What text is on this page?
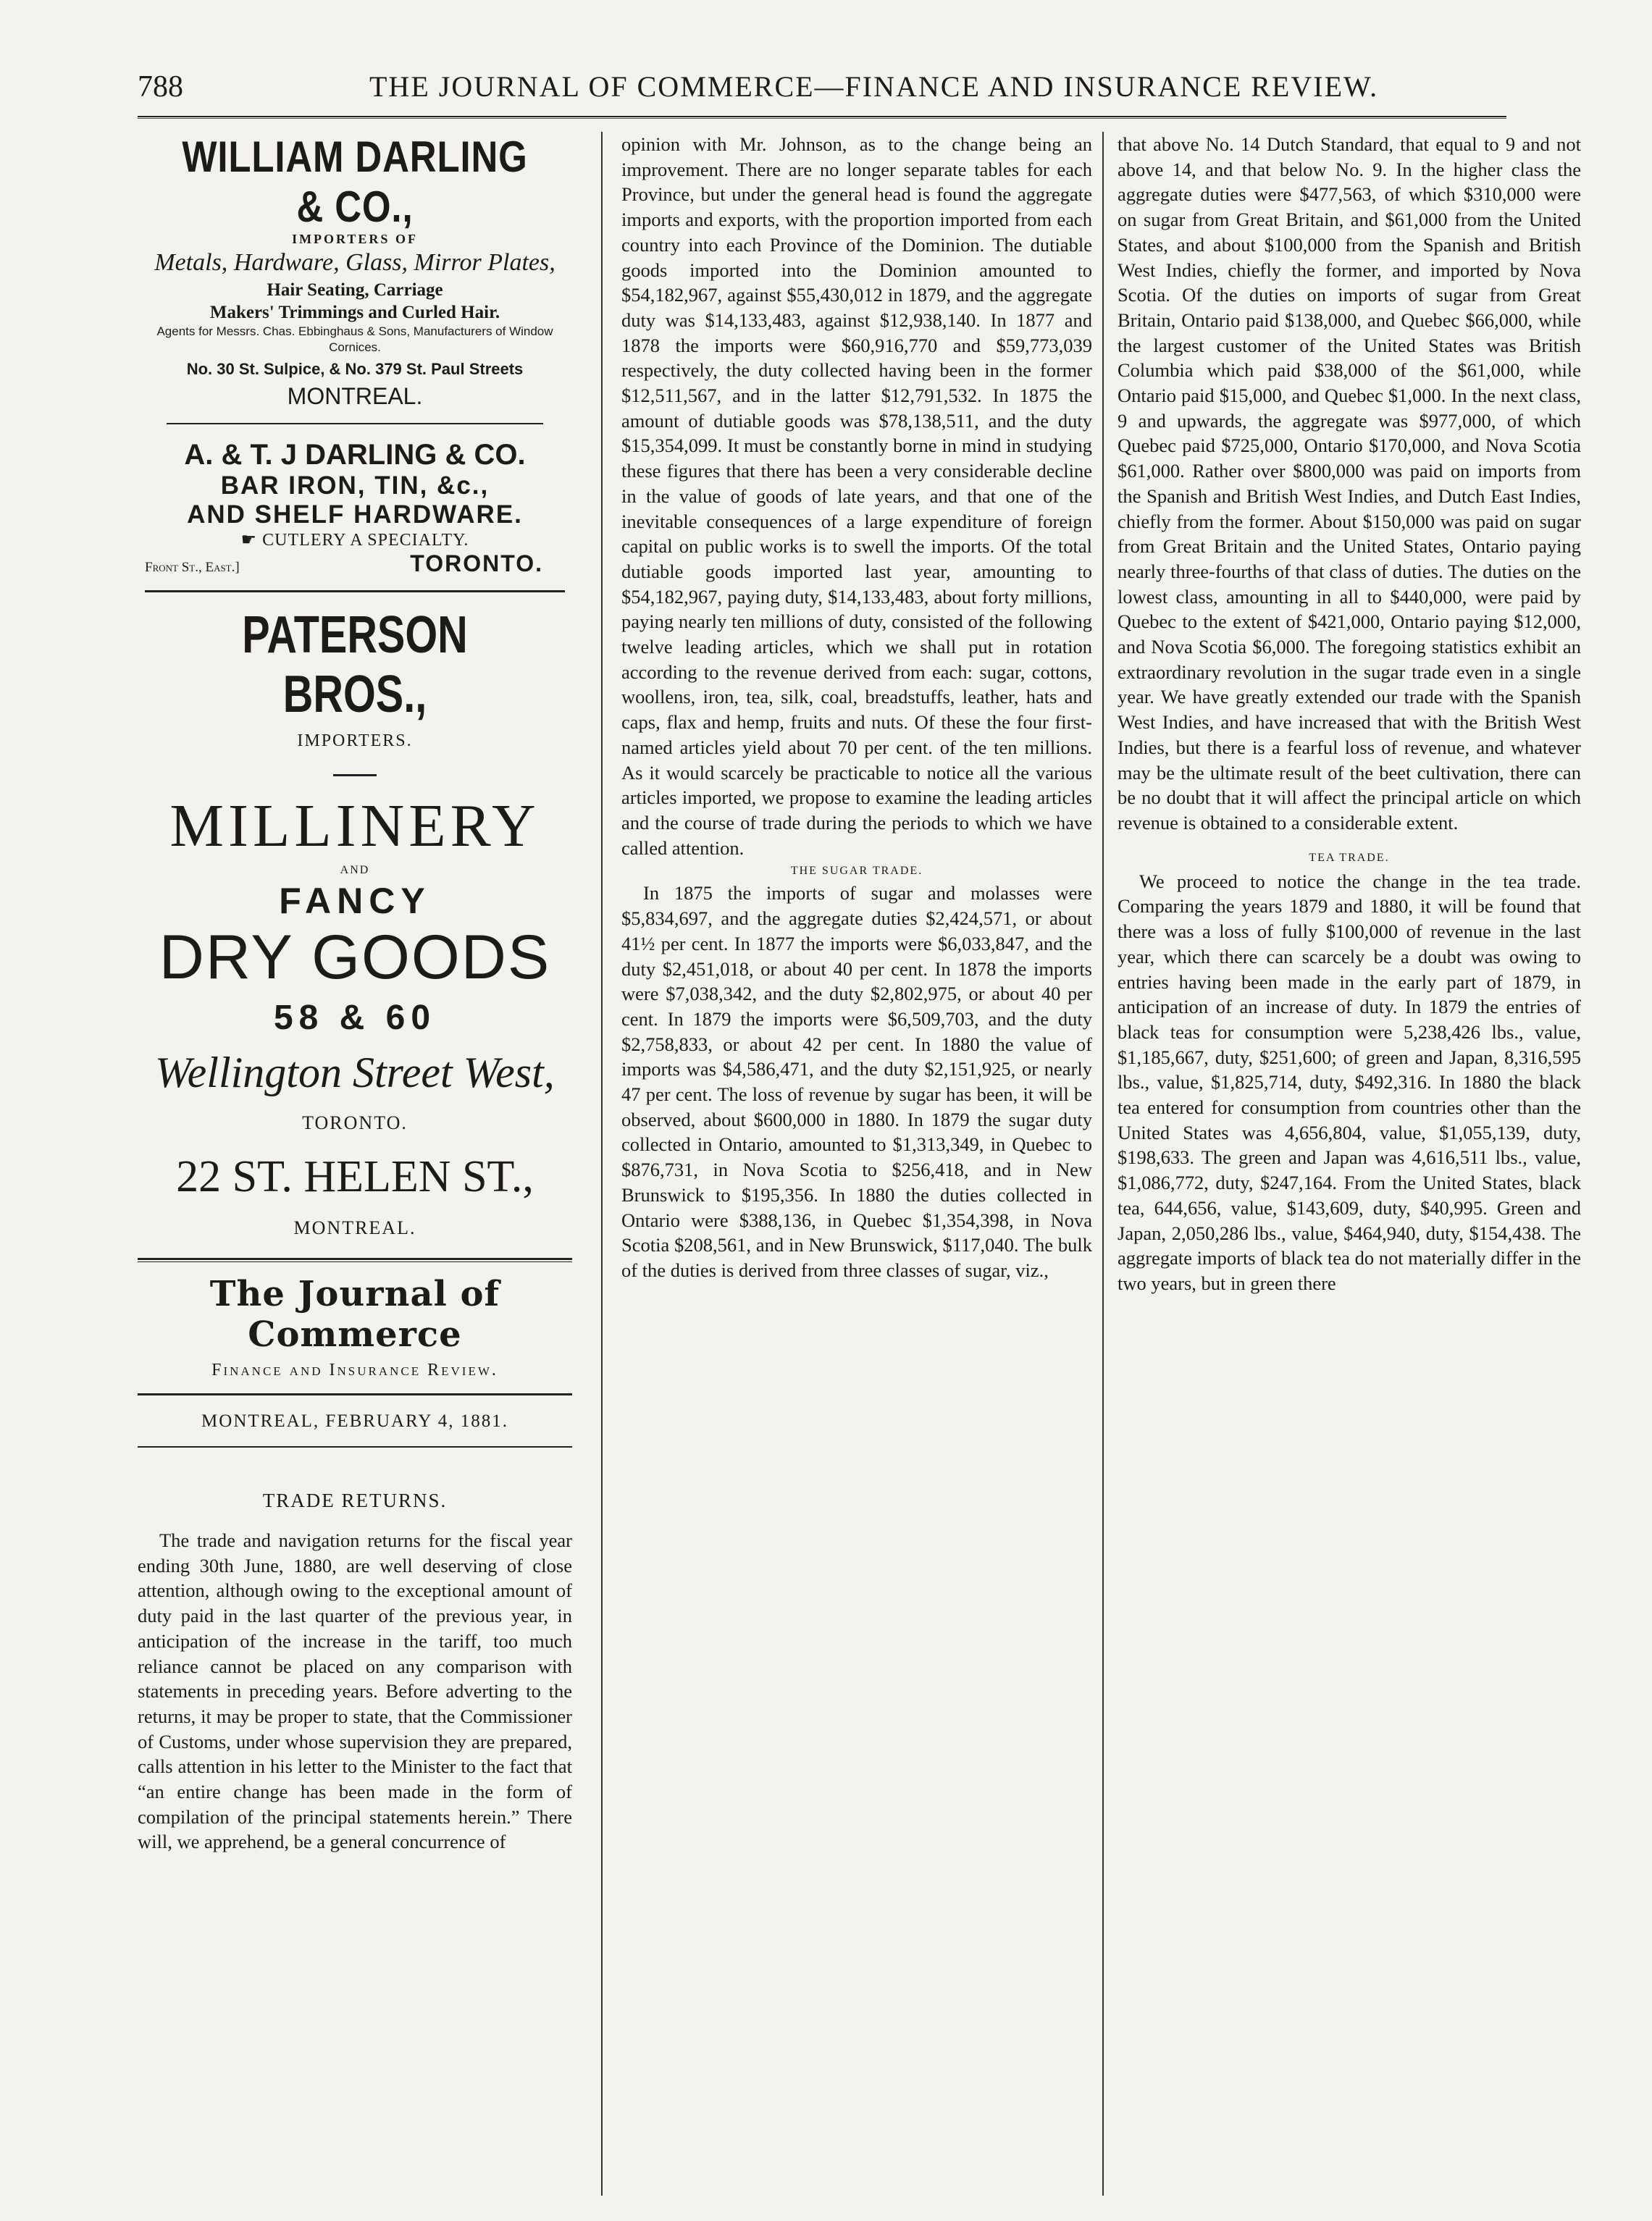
788	THE JOURNAL OF COMMERCE—FINANCE AND INSURANCE REVIEW.
WILLIAM DARLING & CO.,
IMPORTERS OF
Metals, Hardware, Glass, Mirror Plates,
Hair Seating, Carriage
Makers' Trimmings and Curled Hair.
Agents for Messrs. Chas. Ebbinghaus & Sons, Manufacturers of Window Cornices.
No. 30 St. Sulpice, & No. 379 St. Paul Streets
MONTREAL.
A. & T. J DARLING & CO.
BAR IRON, TIN, &c.,
AND SHELF HARDWARE.
☛ CUTLERY A SPECIALTY.
Front St., East.]	TORONTO.
PATERSON BROS.,
IMPORTERS.
MILLINERY
AND
FANCY
DRY GOODS
58 & 60
Wellington Street West,
TORONTO.
22 ST. HELEN ST.,
MONTREAL.
The Journal of Commerce
Finance and Insurance Review.
MONTREAL, FEBRUARY 4, 1881.
TRADE RETURNS.

The trade and navigation returns for the fiscal year ending 30th June, 1880, are well deserving of close attention, although owing to the exceptional amount of duty paid in the last quarter of the previous year, in anticipation of the increase in the tariff, too much reliance cannot be placed on any comparison with statements in preceding years. Before adverting to the returns, it may be proper to state, that the Commissioner of Customs, under whose supervision they are prepared, calls attention in his letter to the Minister to the fact that “an entire change has been made in the form of compilation of the principal statements herein.” There will, we apprehend, be a general concurrence of

opinion with Mr. Johnson, as to the change being an improvement. There are no longer separate tables for each Province, but under the general head is found the aggregate imports and exports, with the proportion imported from each country into each Province of the Dominion. The dutiable goods imported into the Dominion amounted to $54,182,967, against $55,430,012 in 1879, and the aggregate duty was $14,133,483, against $12,938,140. In 1877 and 1878 the imports were $60,916,770 and $59,773,039 respectively, the duty collected having been in the former $12,511,567, and in the latter $12,791,532. In 1875 the amount of dutiable goods was $78,138,511, and the duty $15,354,099. It must be constantly borne in mind in studying these figures that there has been a very considerable decline in the value of goods of late years, and that one of the inevitable consequences of a large expenditure of foreign capital on public works is to swell the imports. Of the total dutiable goods imported last year, amounting to $54,182,967, paying duty, $14,133,483, about forty millions, paying nearly ten millions of duty, consisted of the following twelve leading articles, which we shall put in rotation according to the revenue derived from each: sugar, cottons, woollens, iron, tea, silk, coal, breadstuffs, leather, hats and caps, flax and hemp, fruits and nuts. Of these the four first-named articles yield about 70 per cent. of the ten millions. As it would scarcely be practicable to notice all the various articles imported, we propose to examine the leading articles and the course of trade during the periods to which we have called attention.

THE SUGAR TRADE.

In 1875 the imports of sugar and molasses were $5,834,697, and the aggregate duties $2,424,571, or about 41½ per cent. In 1877 the imports were $6,033,847, and the duty $2,451,018, or about 40 per cent. In 1878 the imports were $7,038,342, and the duty $2,802,975, or about 40 per cent. In 1879 the imports were $6,509,703, and the duty $2,758,833, or about 42 per cent. In 1880 the value of imports was $4,586,471, and the duty $2,151,925, or nearly 47 per cent. The loss of revenue by sugar has been, it will be observed, about $600,000 in 1880. In 1879 the sugar duty collected in Ontario, amounted to $1,313,349, in Quebec to $876,731, in Nova Scotia to $256,418, and in New Brunswick to $195,356. In 1880 the duties collected in Ontario were $388,136, in Quebec $1,354,398, in Nova Scotia $208,561, and in New Brunswick, $117,040. The bulk of the duties is derived from three classes of sugar, viz.,

that above No. 14 Dutch Standard, that equal to 9 and not above 14, and that below No. 9. In the higher class the aggregate duties were $477,563, of which $310,000 were on sugar from Great Britain, and $61,000 from the United States, and about $100,000 from the Spanish and British West Indies, chiefly the former, and imported by Nova Scotia. Of the duties on imports of sugar from Great Britain, Ontario paid $138,000, and Quebec $66,000, while the largest customer of the United States was British Columbia which paid $38,000 of the $61,000, while Ontario paid $15,000, and Quebec $1,000. In the next class, 9 and upwards, the aggregate was $977,000, of which Quebec paid $725,000, Ontario $170,000, and Nova Scotia $61,000. Rather over $800,000 was paid on imports from the Spanish and British West Indies, and Dutch East Indies, chiefly from the former. About $150,000 was paid on sugar from Great Britain and the United States, Ontario paying nearly three-fourths of that class of duties. The duties on the lowest class, amounting in all to $440,000, were paid by Quebec to the extent of $421,000, Ontario paying $12,000, and Nova Scotia $6,000. The foregoing statistics exhibit an extraordinary revolution in the sugar trade even in a single year. We have greatly extended our trade with the Spanish West Indies, and have increased that with the British West Indies, but there is a fearful loss of revenue, and whatever may be the ultimate result of the beet cultivation, there can be no doubt that it will affect the principal article on which revenue is obtained to a considerable extent.

TEA TRADE.

We proceed to notice the change in the tea trade. Comparing the years 1879 and 1880, it will be found that there was a loss of fully $100,000 of revenue in the last year, which there can scarcely be a doubt was owing to entries having been made in the early part of 1879, in anticipation of an increase of duty. In 1879 the entries of black teas for consumption were 5,238,426 lbs., value, $1,185,667, duty, $251,600; of green and Japan, 8,316,595 lbs., value, $1,825,714, duty, $492,316. In 1880 the black tea entered for consumption from countries other than the United States was 4,656,804, value, $1,055,139, duty, $198,633. The green and Japan was 4,616,511 lbs., value, $1,086,772, duty, $247,164. From the United States, black tea, 644,656, value, $143,609, duty, $40,995. Green and Japan, 2,050,286 lbs., value, $464,940, duty, $154,438. The aggregate imports of black tea do not materially differ in the two years, but in green there
